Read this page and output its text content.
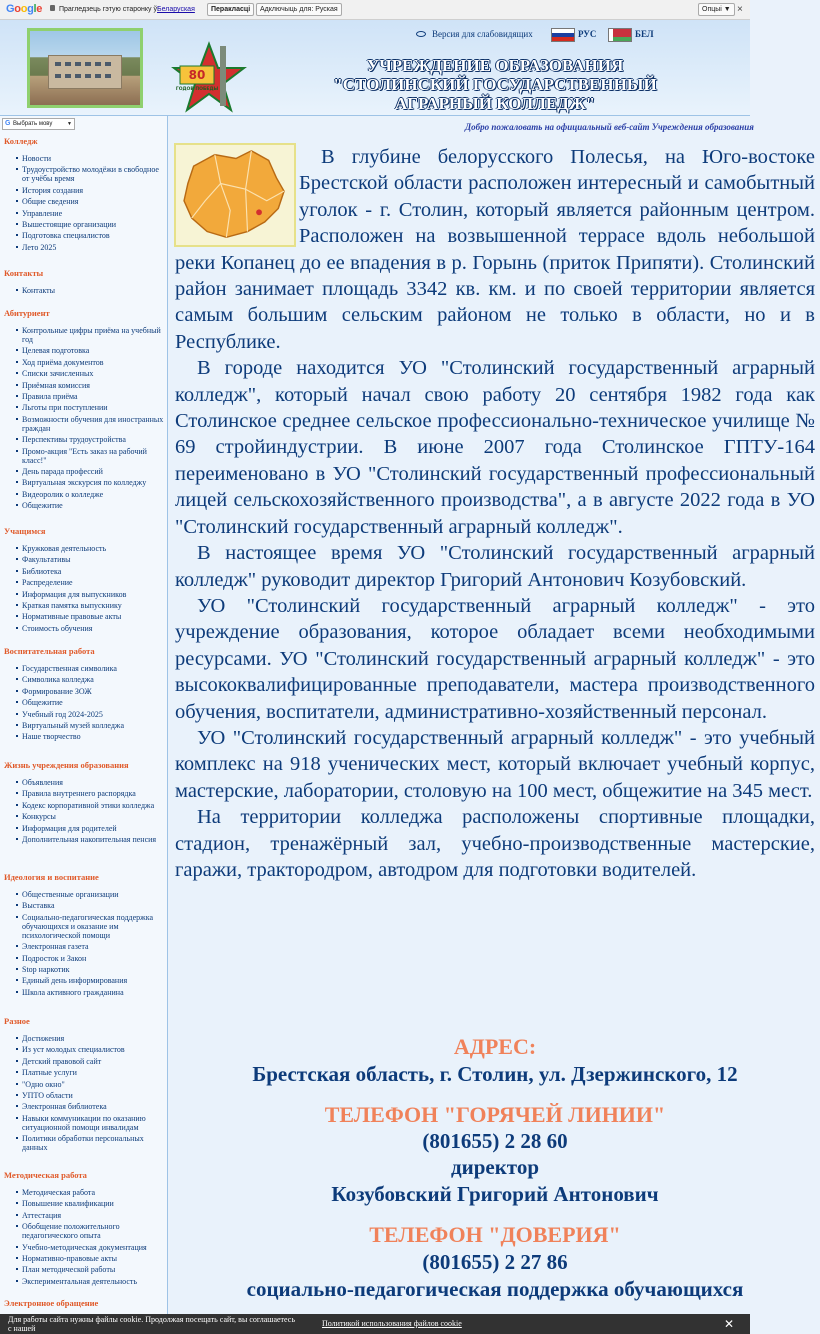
Google Прагледзець гэтую старонку ў:
Беларуская	Перакласці	Адключыць для: Руская	Опцыі ▼ ×
80
ГОДОВ ПОБЕДЫ
Версия для слабовидящих	РУС	БЕЛ
УЧРЕЖДЕНИЕ ОБРАЗОВАНИЯ
"СТОЛИНСКИЙ ГОСУДАРСТВЕННЫЙ
АГРАРНЫЙ КОЛЛЕДЖ"
G Выбрать мову ▼
Колледж
Новости
Трудоустройство молодёжи в свободное от учёбы время
История создания
Общие сведения
Управление
Вышестоящие организации
Подготовка специалистов
Лето 2025
Контакты
Контакты
Абитуриент
Контрольные цифры приёма на учебный год
Целевая подготовка
Ход приёма документов
Списки зачисленных
Приёмная комиссия
Правила приёма
Льготы при поступлении
Возможности обучения для иностранных граждан
Перспективы трудоустройства
Промо-акция "Есть заказ на рабочий класс!"
День парада профессий
Виртуальная экскурсия по колледжу
Видеоролик о колледже
Общежитие
Учащимся
Кружковая деятельность
Факультативы
Библиотека
Распределение
Информация для выпускников
Краткая памятка выпускнику
Нормативные правовые акты
Стоимость обучения
Воспитательная работа
Государственная символика
Символика колледжа
Формирование ЗОЖ
Общежитие
Учебный год 2024-2025
Виртуальный музей колледжа
Наше творчество
Жизнь учреждения образования
Объявления
Правила внутреннего распорядка
Кодекс корпоративной этики колледжа
Конкурсы
Информация для родителей
Дополнительная накопительная пенсия
Идеология и воспитание
Общественные организации
Выставка
Социально-педагогическая поддержка обучающихся и оказание им психологической помощи
Электронная газета
Подросток и Закон
Stop наркотик
Единый день информирования
Школа активного гражданина
Разное
Достижения
Из уст молодых специалистов
Детский правовой сайт
Платные услуги
"Одно окно"
УПТО области
Электронная библиотека
Навыки коммуникации по оказанию ситуационной помощи инвалидам
Политики обработки персональных данных
Методическая работа
Методическая работа
Повышение квалификации
Аттестация
Обобщение положительного педагогического опыта
Учебно-методическая документация
Нормативно-правовые акты
План методической работы
Экспериментальная деятельность
Электронное обращение
Добро пожаловать на официальный веб-сайт Учреждения образования

В глубине белорусского Полесья, на Юго-востоке Брестской области расположен интересный и самобытный уголок - г. Столин, который является районным центром. Расположен на возвышенной террасе вдоль небольшой реки Копанец до ее впадения в р. Горынь (приток Припяти). Столинский район занимает площадь 3342 кв. км. и по своей территории является самым большим сельским районом не только в области, но и в Республике.

В городе находится УО "Столинский государственный аграрный колледж", который начал свою работу 20 сентября 1982 года как Столинское среднее сельское профессионально-техническое училище № 69 стройиндустрии. В июне 2007 года Столинское ГПТУ-164 переименовано в УО "Столинский государственный профессиональный лицей сельскохозяйственного производства", а в августе 2022 года в УО "Столинский государственный аграрный колледж".

В настоящее время УО "Столинский государственный аграрный колледж" руководит директор Григорий Антонович Козубовский.

УО "Столинский государственный аграрный колледж" - это учреждение образования, которое обладает всеми необходимыми ресурсами. УО "Столинский государственный аграрный колледж" - это высококвалифицированные преподаватели, мастера производственного обучения, воспитатели, административно-хозяйственный персонал.

УО "Столинский государственный аграрный колледж" - это учебный комплекс на 918 ученических мест, который включает учебный корпус, мастерские, лаборатории, столовую на 100 мест, общежитие на 345 мест.

На территории колледжа расположены спортивные площадки, стадион, тренажёрный зал, учебно-производственные мастерские, гаражи, трактородром, автодром для подготовки водителей.

АДРЕС:
Брестская область, г. Столин, ул. Дзержинского, 12
ТЕЛЕФОН "ГОРЯЧЕЙ ЛИНИИ"
(801655) 2 28 60
директор
Козубовский Григорий Антонович
ТЕЛЕФОН "ДОВЕРИЯ"
(801655) 2 27 86
социально-педагогическая поддержка обучающихся
Для работы сайта нужны файлы cookie. Продолжая посещать сайт, вы соглашаетесь с нашей
Политикой использования файлов cookie	✕
